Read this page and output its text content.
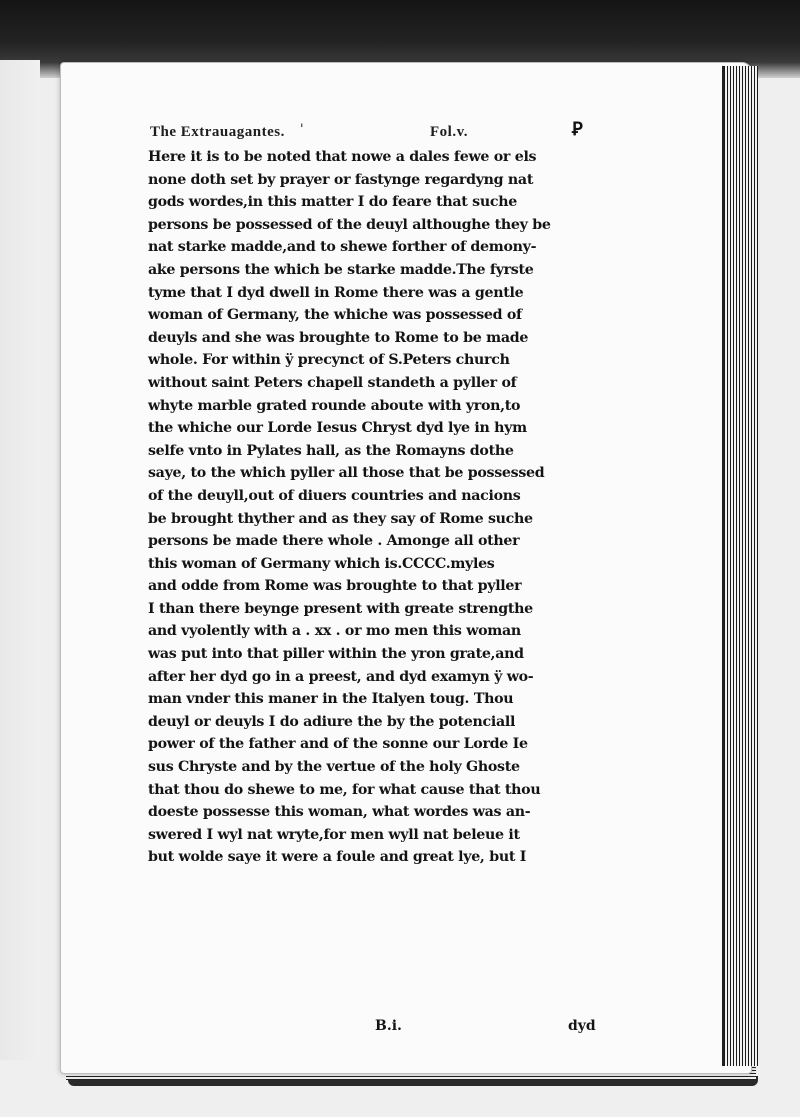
The Extrauagantes. '	Fol.v.	Ꝑ
Here it is to be noted that nowe a dales fewe or els
none doth set by prayer or fastynge regardyng nat
gods wordes,in this matter I do feare that suche
persons be possessed of the deuyl althoughe they be
nat starke madde,and to shewe forther of demony-
ake persons the which be starke madde.The fyrste
tyme that I dyd dwell in Rome there was a gentle
woman of Germany, the whiche was possessed of
deuyls and she was broughte to Rome to be made
whole. For within ÿ precynct of S.Peters church
without saint Peters chapell standeth a pyller of
whyte marble grated rounde aboute with yron,to
the whiche our Lorde Iesus Chryst dyd lye in hym
selfe vnto in Pylates hall, as the Romayns dothe
saye, to the which pyller all those that be possessed
of the deuyll,out of diuers countries and nacions
be brought thyther and as they say of Rome suche
persons be made there whole . Amonge all other
this woman of Germany which is.CCCC.myles
and odde from Rome was broughte to that pyller
I than there beynge present with greate strengthe
and vyolently with a . xx . or mo men this woman
was put into that piller within the yron grate,and
after her dyd go in a preest, and dyd examyn ÿ wo-
man vnder this maner in the Italyen toug. Thou
deuyl or deuyls I do adiure the by the potenciall
power of the father and of the sonne our Lorde Ie
sus Chryste and by the vertue of the holy Ghoste
that thou do shewe to me, for what cause that thou
doeste possesse this woman, what wordes was an-
swered I wyl nat wryte,for men wyll nat beleue it
but wolde saye it were a foule and great lye, but I
B.i.	dyd
